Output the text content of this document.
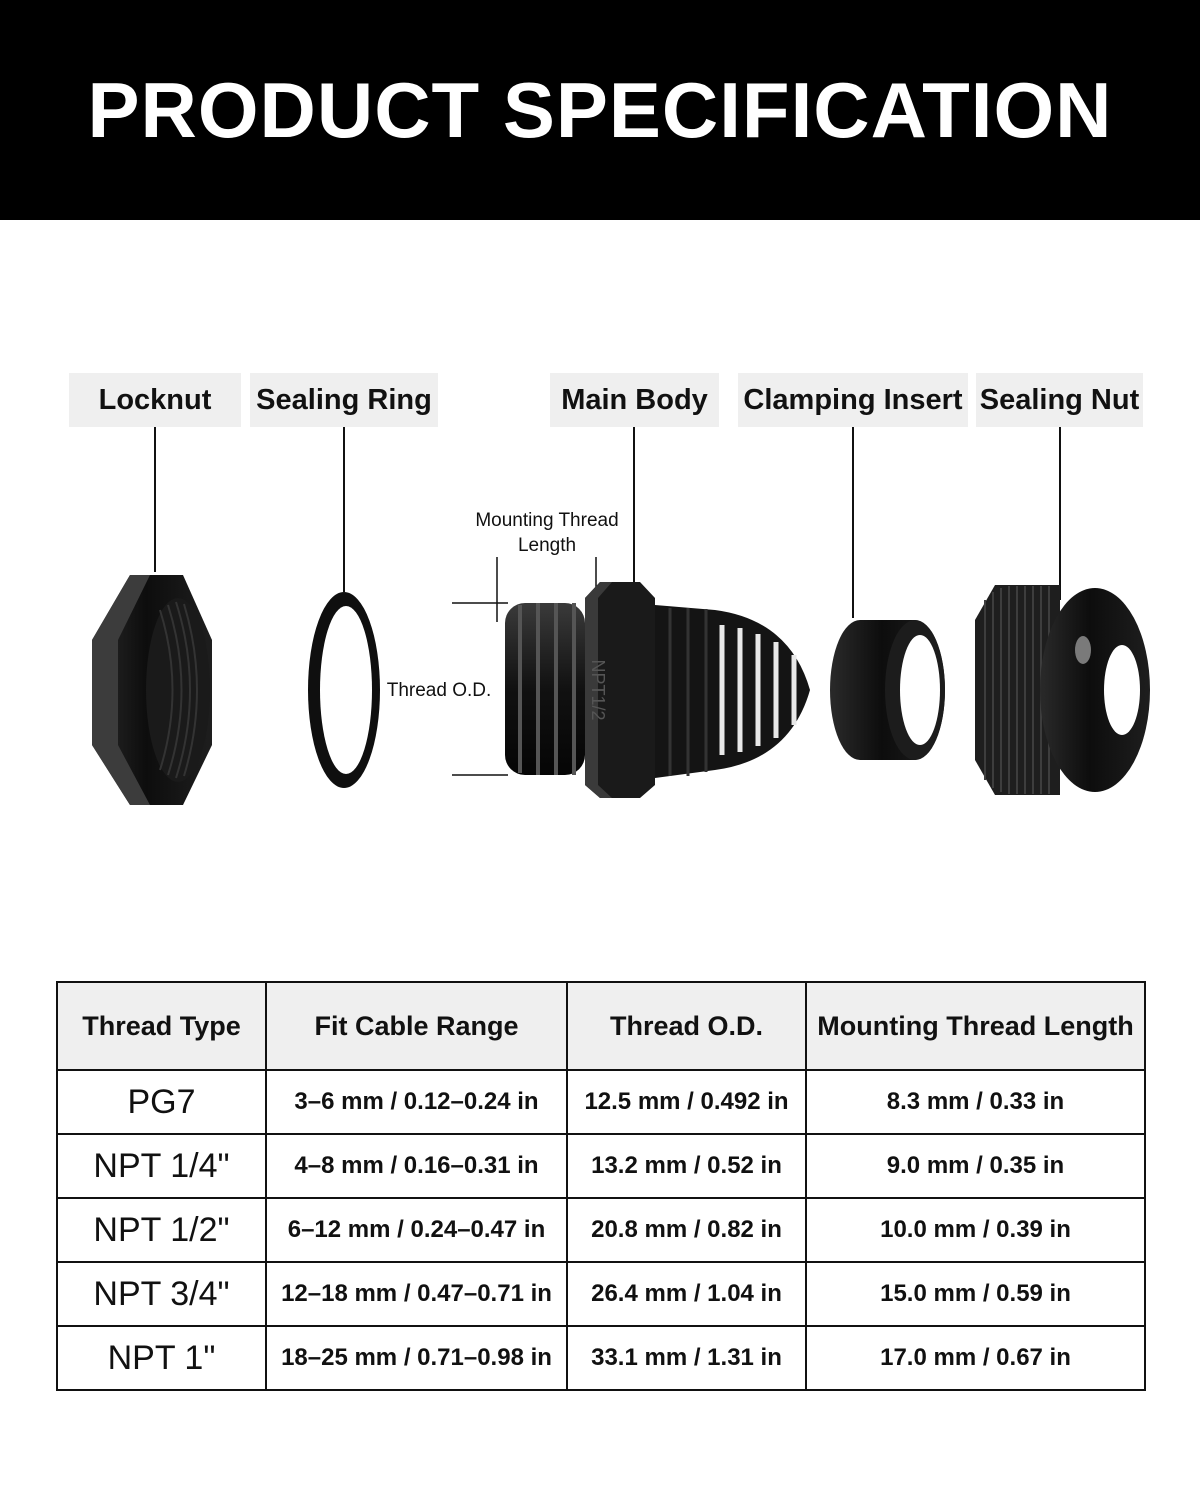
PRODUCT SPECIFICATION
Locknut	Sealing Ring	Main Body	Clamping Insert Sealing Nut
NPT1/2
Mounting Thread
Length
Thread O.D.
Thread Type	Fit Cable Range	Thread O.D.	Mounting Thread Length
PG7	3–6 mm / 0.12–0.24 in	12.5 mm / 0.492 in	8.3 mm / 0.33 in
NPT 1/4"	4–8 mm / 0.16–0.31 in	13.2 mm / 0.52 in	9.0 mm / 0.35 in
NPT 1/2"	6–12 mm / 0.24–0.47 in	20.8 mm / 0.82 in	10.0 mm / 0.39 in
NPT 3/4"	12–18 mm / 0.47–0.71 in	26.4 mm / 1.04 in	15.0 mm / 0.59 in
NPT 1"	18–25 mm / 0.71–0.98 in	33.1 mm / 1.31 in	17.0 mm / 0.67 in
